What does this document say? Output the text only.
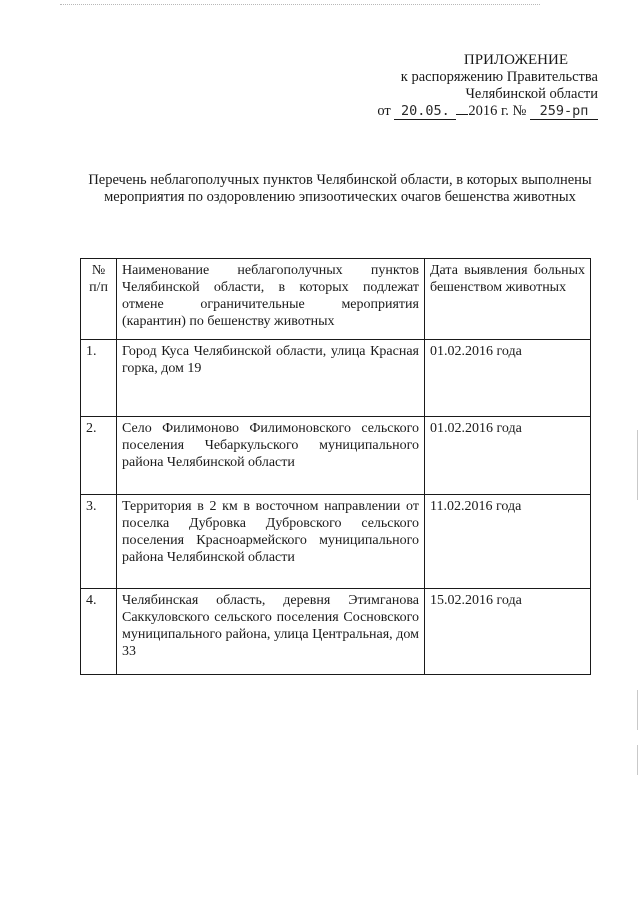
ПРИЛОЖЕНИЕ
к распоряжению Правительства
Челябинской области
от 20.05. 2016 г. № 259-рп
Перечень неблагополучных пунктов Челябинской области, в которых выполнены мероприятия по оздоровлению эпизоотических очагов бешенства животных
№ п/п	Наименование неблагополучных пунктов Челябинской области, в которых подлежат отмене ограничительные мероприятия (карантин) по бешенству животных	Дата выявления больных бешенством животных
1.	Город Куса Челябинской области, улица Красная горка, дом 19	01.02.2016 года
2.	Село Филимоново Филимоновского сельского поселения Чебаркульского муниципального района Челябинской области	01.02.2016 года
3.	Территория в 2 км в восточном направлении от поселка Дубровка Дубровского сельского поселения Красноармейского муниципального района Челябинской области	11.02.2016 года
4.	Челябинская область, деревня Этимганова Саккуловского сельского поселения Сосновского муниципального района, улица Центральная, дом 33	15.02.2016 года
